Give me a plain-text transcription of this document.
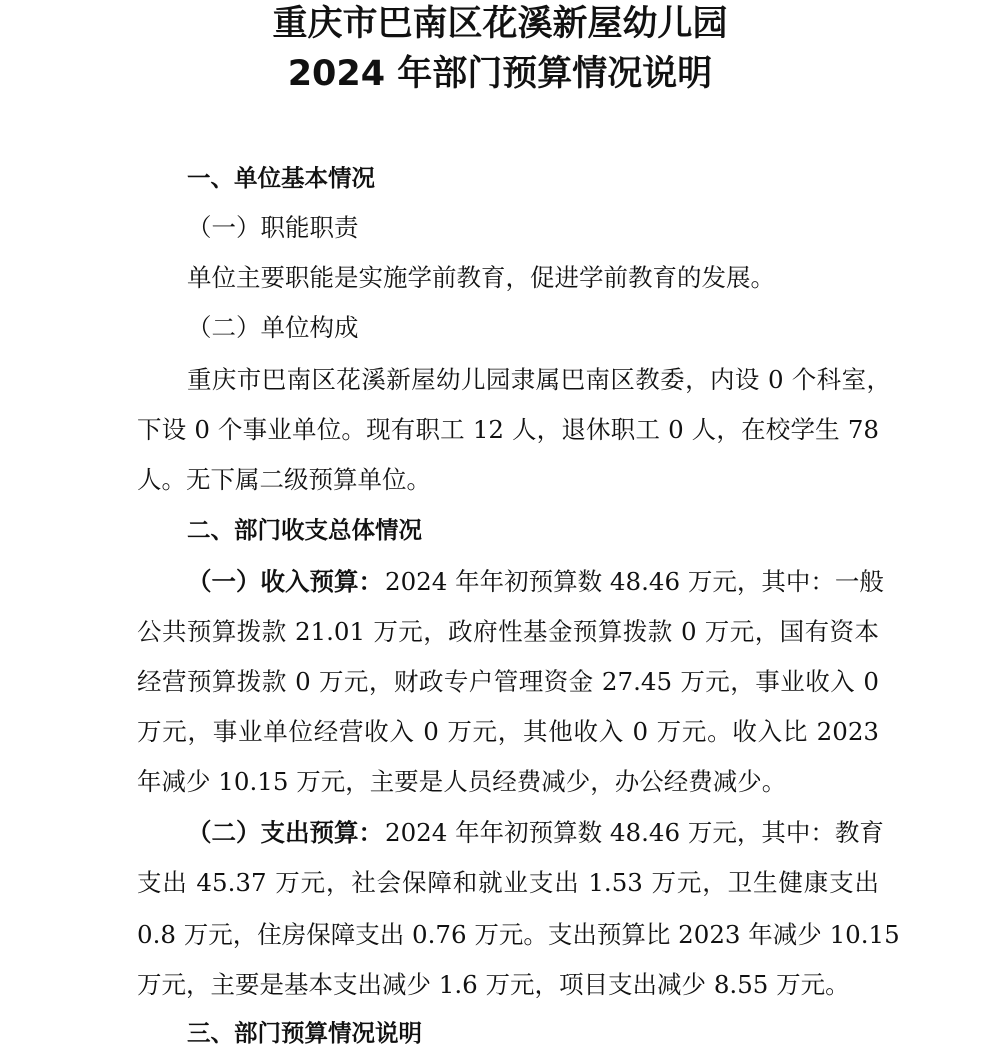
重庆市巴南区花溪新屋幼儿园
2024 年部门预算情况说明
一、单位基本情况
（一）职能职责
单位主要职能是实施学前教育，促进学前教育的发展。
（二）单位构成
重庆市巴南区花溪新屋幼儿园隶属巴南区教委，内设 0 个科室，
下设 0 个事业单位。现有职工 12 人，退休职工 0 人，在校学生 78
人。无下属二级预算单位。
二、部门收支总体情况
（一）收入预算： 2024 年年初预算数 48.46 万元，其中：一般
公共预算拨款 21.01 万元，政府性基金预算拨款 0 万元，国有资本
经营预算拨款 0 万元，财政专户管理资金 27.45 万元，事业收入 0
万元，事业单位经营收入 0 万元，其他收入 0 万元。收入比 2023
年减少 10.15 万元，主要是人员经费减少，办公经费减少。
（二）支出预算： 2024 年年初预算数 48.46 万元，其中：教育
支出 45.37 万元，社会保障和就业支出 1.53 万元，卫生健康支出
0.8 万元，住房保障支出 0.76 万元。支出预算比 2023 年减少 10.15
万元，主要是基本支出减少 1.6 万元，项目支出减少 8.55 万元。
三、部门预算情况说明
